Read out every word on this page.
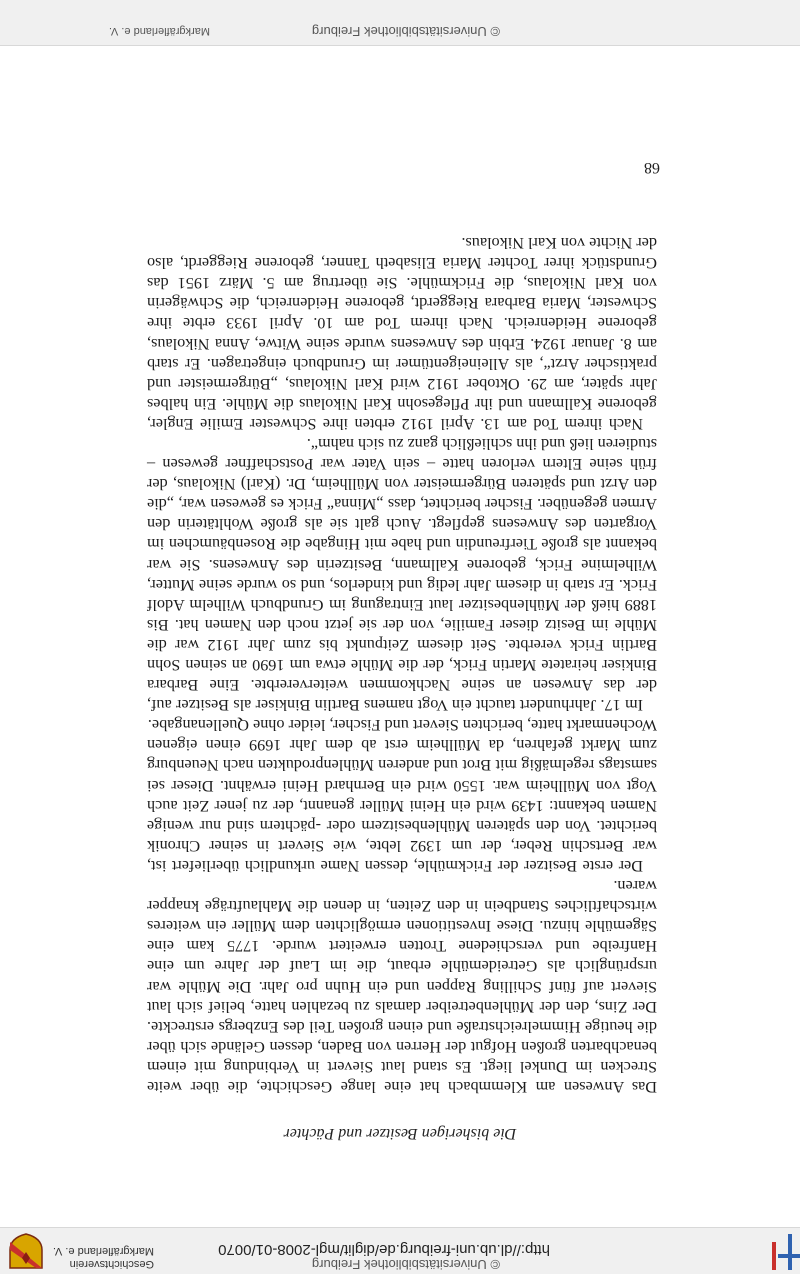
Geschichtsverein
Markgräflerland e. V.
© Universitätsbibliothek Freiburg
http://dl.ub.uni-freiburg.de/diglit/mgl-2008-01/0070
Die bisherigen Besitzer und Pächter

Das Anwesen am Klemmbach hat eine lange Geschichte, die über weite Strecken im Dunkel liegt. Es stand laut Sievert in Verbindung mit einem benachbarten großen Hofgut der Herren von Baden, dessen Gelände sich über die heutige Himmelreichstraße und einen großen Teil des Enzbergs erstreckte. Der Zins, den der Mühlenbetreiber damals zu bezahlen hatte, belief sich laut Sievert auf fünf Schilling Rappen und ein Huhn pro Jahr. Die Mühle war ursprünglich als Getreidemühle erbaut, die im Lauf der Jahre um eine Hanfreibe und verschiedene Trotten erweitert wurde. 1775 kam eine Sägemühle hinzu. Diese Investitionen ermöglichten dem Müller ein weiteres wirtschaftliches Standbein in den Zeiten, in denen die Mahlaufträge knapper waren.

Der erste Besitzer der Frickmühle, dessen Name urkundlich überliefert ist, war Bertschin Reber, der um 1392 lebte, wie Sievert in seiner Chronik berichtet. Von den späteren Mühlenbesitzern oder -pächtern sind nur wenige Namen bekannt: 1439 wird ein Heini Müller genannt, der zu jener Zeit auch Vogt von Müllheim war. 1550 wird ein Bernhard Heini erwähnt. Dieser sei samstags regelmäßig mit Brot und anderen Mühlenprodukten nach Neuenburg zum Markt gefahren, da Müllheim erst ab dem Jahr 1699 einen eigenen Wochenmarkt hatte, berichten Sievert und Fischer, leider ohne Quellenangabe.

Im 17. Jahrhundert taucht ein Vogt namens Bartlin Binkiser als Besitzer auf, der das Anwesen an seine Nachkommen weitervererbte. Eine Barbara Binkiser heiratete Martin Frick, der die Mühle etwa um 1690 an seinen Sohn Bartlin Frick vererbte. Seit diesem Zeitpunkt bis zum Jahr 1912 war die Mühle im Besitz dieser Familie, von der sie jetzt noch den Namen hat. Bis 1889 hieß der Mühlenbesitzer laut Eintragung im Grundbuch Wilhelm Adolf Frick. Er starb in diesem Jahr ledig und kinderlos, und so wurde seine Mutter, Wilhelmine Frick, geborene Kallmann, Besitzerin des Anwesens. Sie war bekannt als große Tierfreundin und habe mit Hingabe die Rosenbäumchen im Vorgarten des Anwesens gepflegt. Auch galt sie als große Wohltäterin den Armen gegenüber. Fischer berichtet, dass „Minna“ Frick es gewesen war, „die den Arzt und späteren Bürgermeister von Müllheim, Dr. (Karl) Nikolaus, der früh seine Eltern verloren hatte – sein Vater war Postschaffner gewesen – studieren ließ und ihn schließlich ganz zu sich nahm“.

Nach ihrem Tod am 13. April 1912 erbten ihre Schwester Emilie Engler, geborene Kallmann und ihr Pflegesohn Karl Nikolaus die Mühle. Ein halbes Jahr später, am 29. Oktober 1912 wird Karl Nikolaus, „Bürgermeister und praktischer Arzt“, als Alleineigentümer im Grundbuch eingetragen. Er starb am 8. Januar 1924. Erbin des Anwesens wurde seine Witwe, Anna Nikolaus, geborene Heidenreich. Nach ihrem Tod am 10. April 1933 erbte ihre Schwester, Maria Barbara Rieggerdt, geborene Heidenreich, die Schwägerin von Karl Nikolaus, die Frickmühle. Sie übertrug am 5. März 1951 das Grundstück ihrer Tochter Maria Elisabeth Tanner, geborene Rieggerdt, also der Nichte von Karl Nikolaus.

68
© Universitätsbibliothek Freiburg
Markgräflerland e. V.
